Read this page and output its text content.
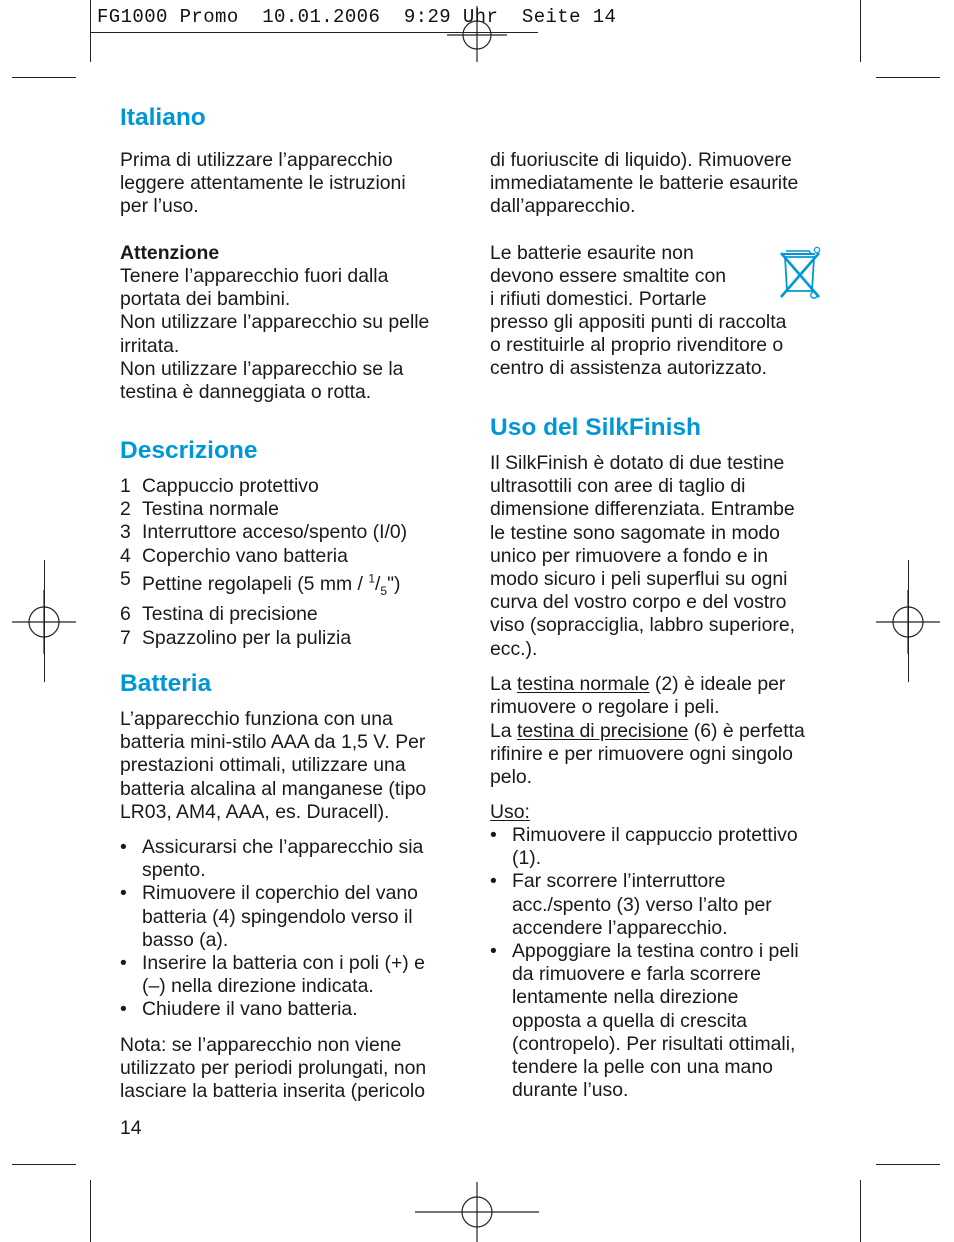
FG1000 Promo 10.01.2006 9:29 Uhr Seite 14
Italiano

Prima di utilizzare l’apparecchio
leggere attentamente le istruzioni
per l’uso.

Attenzione

Tenere l’apparecchio fuori dalla
portata dei bambini.
Non utilizzare l’apparecchio su pelle
irritata.
Non utilizzare l’apparecchio se la
testina è danneggiata o rotta.

Descrizione
1 Cappuccio protettivo
2 Testina normale
3 Interruttore acceso/spento (I/0)
4 Coperchio vano batteria
5 Pettine regolapeli (5 mm / $^1/_5$")
6 Testina di precisione
7 Spazzolino per la pulizia
Batteria

L’apparecchio funziona con una
batteria mini-stilo AAA da 1,5 V. Per
prestazioni ottimali, utilizzare una
batteria alcalina al manganese (tipo
LR03, AM4, AAA, es. Duracell).

• Assicurarsi che l’apparecchio sia
spento.
• Rimuovere il coperchio del vano
batteria (4) spingendolo verso il
basso (a).
• Inserire la batteria con i poli (+) e
(–) nella direzione indicata.
• Chiudere il vano batteria.

Nota: se l’apparecchio non viene
utilizzato per periodi prolungati, non
lasciare la batteria inserita (pericolo

di fuoriuscite di liquido). Rimuovere
immediatamente le batterie esaurite
dall’apparecchio.

Le batterie esaurite non
devono essere smaltite con
i rifiuti domestici. Portarle

presso gli appositi punti di raccolta
o restituirle al proprio rivenditore o
centro di assistenza autorizzato.

Uso del SilkFinish

Il SilkFinish è dotato di due testine
ultrasottili con aree di taglio di
dimensione differenziata. Entrambe
le testine sono sagomate in modo
unico per rimuovere a fondo e in
modo sicuro i peli superflui su ogni
curva del vostro corpo e del vostro
viso (sopracciglia, labbro superiore,
ecc.).

La testina normale (2) è ideale per
rimuovere o regolare i peli.

La testina di precisione (6) è perfetta
rifinire e per rimuovere ogni singolo
pelo.

Uso:

• Rimuovere il cappuccio protettivo
(1).
• Far scorrere l’interruttore
acc./spento (3) verso l’alto per
accendere l’apparecchio.
• Appoggiare la testina contro i peli
da rimuovere e farla scorrere
lentamente nella direzione
opposta a quella di crescita
(contropelo). Per risultati ottimali,
tendere la pelle con una mano
durante l’uso.
14
